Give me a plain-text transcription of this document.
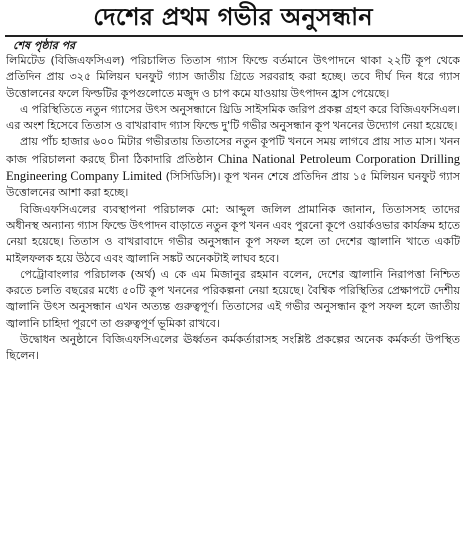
দেশের প্রথম গভীর অনুসন্ধান
শেষ পৃষ্ঠার পর

লিমিটেড (বিজিএফসিএল) পরিচালিত তিতাস গ্যাস ফিল্ডে বর্তমানে উৎপাদনে থাকা ২২টি কূপ থেকে প্রতিদিন প্রায় ৩২৫ মিলিয়ন ঘনফুট গ্যাস জাতীয় গ্রিডে সরবরাহ করা হচ্ছে। তবে দীর্ঘ দিন ধরে গ্যাস উত্তোলনের ফলে ফিল্ডটির কূপগুলোতে মজুদ ও চাপ কমে যাওয়ায় উৎপাদন হ্রাস পেয়েছে।

এ পরিস্থিতিতে নতুন গ্যাসের উৎস অনুসন্ধানে থ্রিডি সাইসমিক জরিপ প্রকল্প গ্রহণ করে বিজিএফসিএল। এর অংশ হিসেবে তিতাস ও বাখরাবাদ গ্যাস ফিল্ডে দু'টি গভীর অনুসন্ধান কূপ খননের উদ্যোগ নেয়া হয়েছে।

প্রায় পাঁচ হাজার ৬০০ মিটার গভীরতায় তিতাসের নতুন কূপটি খননে সময় লাগবে প্রায় সাত মাস। খনন কাজ পরিচালনা করছে চীনা ঠিকাদারি প্রতিষ্ঠান China National Petroleum Corporation Drilling Engineering Company Limited (সিসিডিসি)। কূপ খনন শেষে প্রতিদিন প্রায় ১৫ মিলিয়ন ঘনফুট গ্যাস উত্তোলনের আশা করা হচ্ছে।

বিজিএফসিএলের ব্যবস্থাপনা পরিচালক মো: আব্দুল জলিল প্রামানিক জানান, তিতাসসহ তাদের অধীনস্থ অন্যান্য গ্যাস ফিল্ডে উৎপাদন বাড়াতে নতুন কূপ খনন এবং পুরনো কূপে ওয়ার্কওভার কার্যক্রম হাতে নেয়া হয়েছে। তিতাস ও বাখরাবাদে গভীর অনুসন্ধান কূপ সফল হলে তা দেশের জ্বালানি খাতে একটি মাইলফলক হয়ে উঠবে এবং জ্বালানি সঙ্কট অনেকটাই লাঘব হবে।

পেট্রোবাংলার পরিচালক (অর্থ) এ কে এম মিজানুর রহমান বলেন, দেশের জ্বালানি নিরাপত্তা নিশ্চিত করতে চলতি বছরের মধ্যে ৫০টি কূপ খননের পরিকল্পনা নেয়া হয়েছে। বৈশ্বিক পরিস্থিতির প্রেক্ষাপটে দেশীয় জ্বালানি উৎস অনুসন্ধান এখন অত্যন্ত গুরুত্বপূর্ণ। তিতাসের এই গভীর অনুসন্ধান কূপ সফল হলে জাতীয় জ্বালানি চাহিদা পূরণে তা গুরুত্বপূর্ণ ভূমিকা রাখবে।

উদ্বোধন অনুষ্ঠানে বিজিএফসিএলের ঊর্ধ্বতন কর্মকর্তারাসহ সংশ্লিষ্ট প্রকল্পের অনেক কর্মকর্তা উপস্থিত ছিলেন।
